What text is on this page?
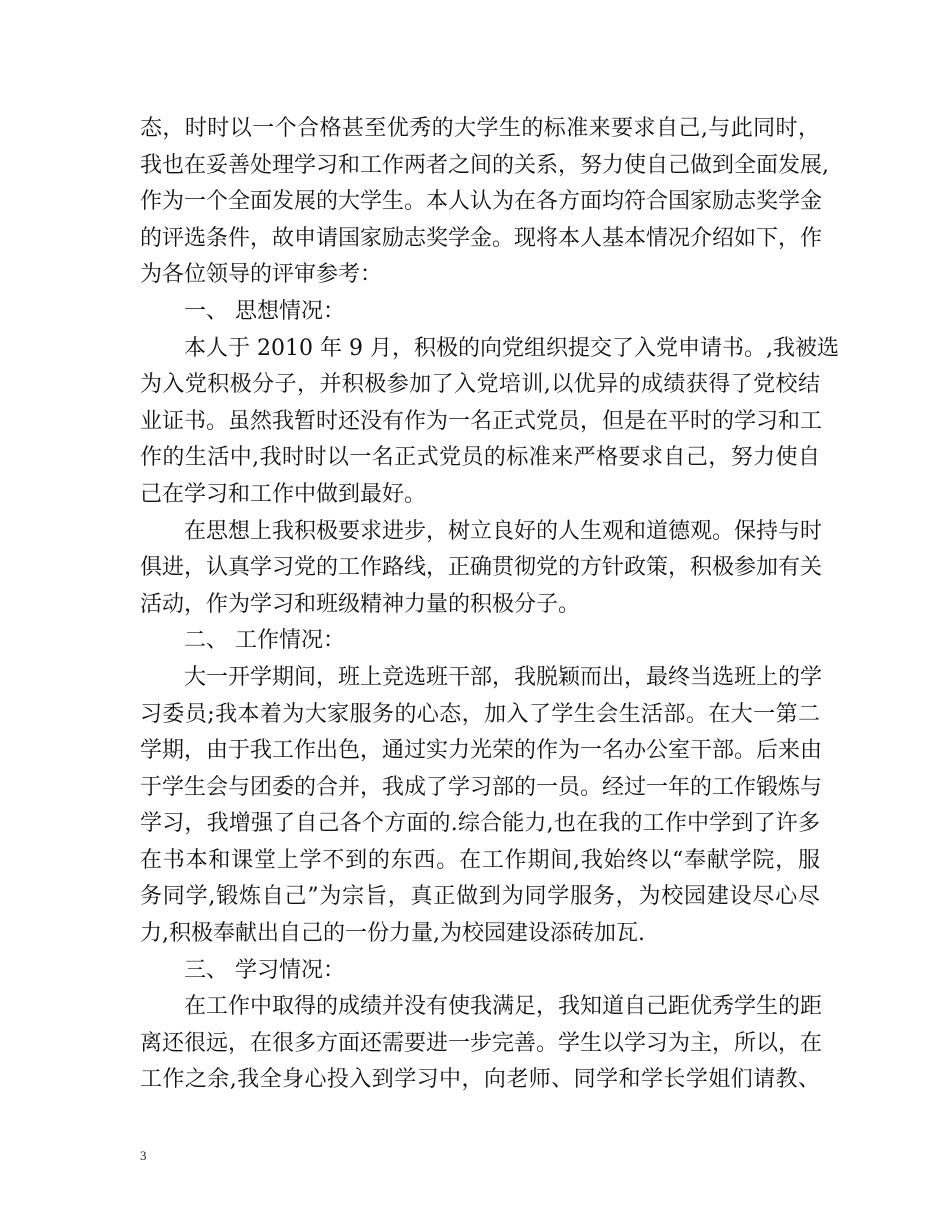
态，时时以一个合格甚至优秀的大学生的标准来要求自己,与此同时，
我也在妥善处理学习和工作两者之间的关系，努力使自己做到全面发展,
作为一个全面发展的大学生。本人认为在各方面均符合国家励志奖学金
的评选条件，故申请国家励志奖学金。现将本人基本情况介绍如下，作
为各位领导的评审参考：
一、 思想情况：
　　本人于 2010 年 9 月，积极的向党组织提交了入党申请书。,我被选
为入党积极分子，并积极参加了入党培训,以优异的成绩获得了党校结
业证书。虽然我暂时还没有作为一名正式党员，但是在平时的学习和工
作的生活中,我时时以一名正式党员的标准来严格要求自己，努力使自
己在学习和工作中做到最好。
　　在思想上我积极要求进步，树立良好的人生观和道德观。保持与时
俱进，认真学习党的工作路线，正确贯彻党的方针政策，积极参加有关
活动，作为学习和班级精神力量的积极分子。
二、 工作情况：
　　大一开学期间，班上竞选班干部，我脱颖而出，最终当选班上的学
习委员;我本着为大家服务的心态，加入了学生会生活部。在大一第二
学期，由于我工作出色，通过实力光荣的作为一名办公室干部。后来由
于学生会与团委的合并，我成了学习部的一员。经过一年的工作锻炼与
学习，我增强了自己各个方面的.综合能力,也在我的工作中学到了许多
在书本和课堂上学不到的东西。在工作期间,我始终以“奉献学院，服
务同学,锻炼自己”为宗旨，真正做到为同学服务，为校园建设尽心尽
力,积极奉献出自己的一份力量,为校园建设添砖加瓦.
三、 学习情况：
　　在工作中取得的成绩并没有使我满足，我知道自己距优秀学生的距
离还很远，在很多方面还需要进一步完善。学生以学习为主，所以，在
工作之余,我全身心投入到学习中，向老师、同学和学长学姐们请教、
3
